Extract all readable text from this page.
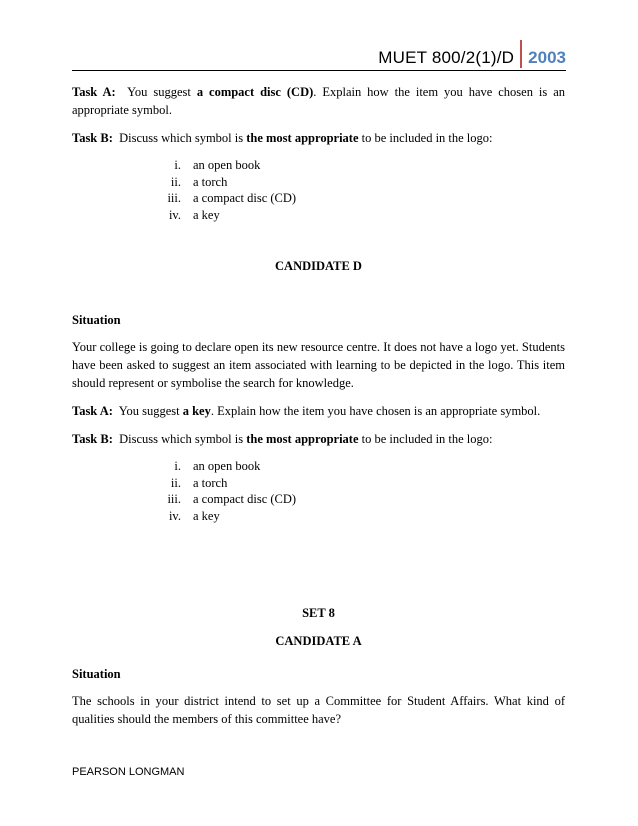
MUET 800/2(1)/D 2003

Task A: You suggest a compact disc (CD). Explain how the item you have chosen is an appropriate symbol.

Task B: Discuss which symbol is the most appropriate to be included in the logo:

i. an open book
ii. a torch
iii. a compact disc (CD)
iv. a key

CANDIDATE D

Situation

Your college is going to declare open its new resource centre. It does not have a logo yet. Students have been asked to suggest an item associated with learning to be depicted in the logo. This item should represent or symbolise the search for knowledge.

Task A: You suggest a key. Explain how the item you have chosen is an appropriate symbol.

Task B: Discuss which symbol is the most appropriate to be included in the logo:

i. an open book
ii. a torch
iii. a compact disc (CD)
iv. a key

SET 8

CANDIDATE A

Situation

The schools in your district intend to set up a Committee for Student Affairs. What kind of qualities should the members of this committee have?

PEARSON LONGMAN
